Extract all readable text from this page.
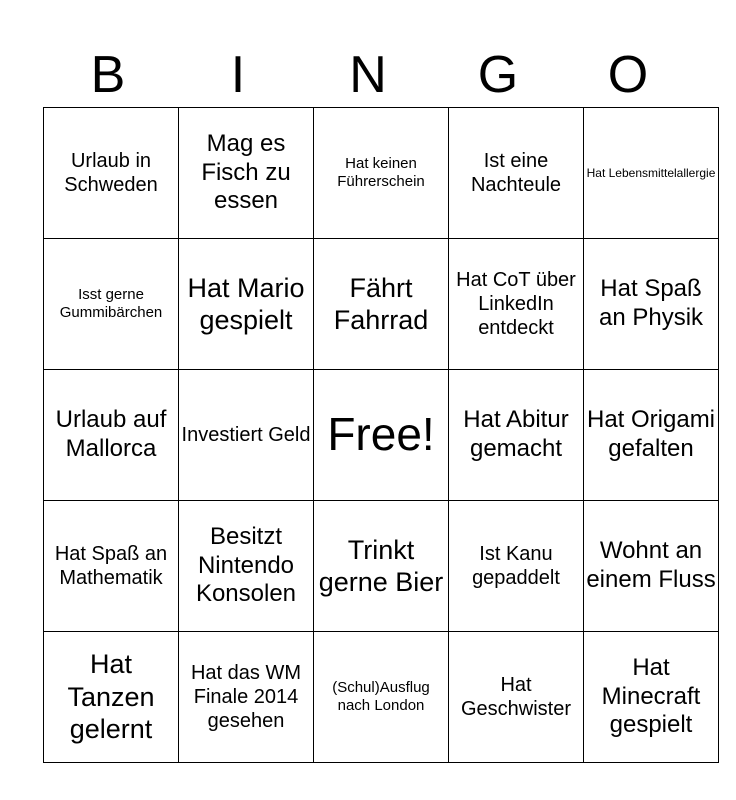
B	I	N	G	O
Urlaub in Schweden	Mag es Fisch zu essen	Hat keinen Führerschein	Ist eine Nachteule	Hat Lebensmittelallergie
Isst gerne Gummibärchen	Hat Mario gespielt	Fährt Fahrrad	Hat CoT über LinkedIn entdeckt	Hat Spaß an Physik
Urlaub auf Mallorca	Investiert Geld	Free!	Hat Abitur gemacht	Hat Origami gefalten
Hat Spaß an Mathematik	Besitzt Nintendo Konsolen	Trinkt gerne Bier	Ist Kanu gepaddelt	Wohnt an einem Fluss
Hat Tanzen gelernt	Hat das WM Finale 2014 gesehen	(Schul)Ausflug nach London	Hat Geschwister	Hat Minecraft gespielt
